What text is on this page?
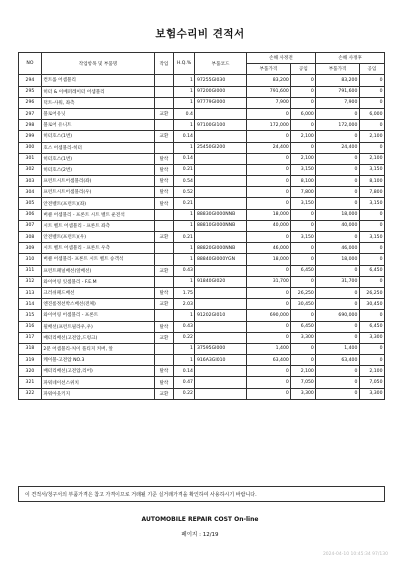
보험수리비 견적서
NO	작업항목 및 부품명	작업	H.Q.%	부품코드	손해 사정전		손해 사정후	
					부품가격	공임	부품가격	공임
294	컨트롤 어셈블리		1	97255GI030	83,200	0	83,200	0
295	히터 & 이베퍼레이터 어셈블리		1	97200GI000	791,600	0	791,600	0
296	덕트-사워, 좌측		1	97779GI000	7,900	0	7,900	0
297	블로어유닛	교환	0.4		0	6,000	0	6,000
298	블로어 유니트		1	97100GI100	172,000	0	172,000	0
299	히터호스(1번)	교환	0.14		0	2,100	0	2,100
300	호스 어셈블리-히터		1	25450GI200	24,400	0	24,400	0
301	히터호스(1번)	탈착	0.14		0	2,100	0	2,100
302	히터호스(2번)	탈착	0.21		0	3,150	0	3,150
303	프런트시트어셈블리(좌)	탈착	0.54		0	8,100	0	8,100
304	프런트시트어셈블리(우)	탈착	0.52		0	7,800	0	7,800
305	안전벨트(프런트)(좌)	탈착	0.21		0	3,150	0	3,150
306	버클 어셈블리 - 프론트 시트 벨트 운전석		1	88830GI000NNB	18,000	0	18,000	0
307	시트 벨트 어셈블리 - 프론트 좌측		1	88810GI000NNB	40,000	0	40,000	0
308	안전벨트(프런트)(우)	교환	0.21		0	3,150	0	3,150
309	시트 벨트 어셈블리 - 프론트 우측		1	88820GI000NNB	46,000	0	46,000	0
310	버클 어셈블리- 프론트 시트 벨트 승객석		1	88840GI000YGN	18,000	0	18,000	0
311	프런트패널배선(앞배선)	교환	0.43		0	6,450	0	6,450
312	와이어링 잇셈블리 - F.E.M		1	91840GI020	31,700	0	31,700	0
313	크러쉬패드배선	탈착	1.75		0	26,250	0	26,250
314	엔진룸정션박스배선(전체)	교환	2.03		0	30,450	0	30,450
315	와이어링 어셈블리 - 프론트		1	91202GI010	690,000	0	690,000	0
316	될배선(프런트필라우,우)	탈착	0.43		0	6,450	0	6,450
317	배터리배선(고전압,드렁크)	교환	0.22		0	3,300	0	3,300
318	2분 어셈블리-처이 플티지 커버, 앞		1	37595GI000	1,400	0	1,400	0
319	케이블-고전압 NO.3		1	916A3GI010	63,400	0	63,400	0
320	배터리배선(고전압,리어)	탈착	0.14		0	2,100	0	2,100
321	파워네이션스위치	탈착	0.47		0	7,050	0	7,050
322	파워아웃키지	교환	0.22		0	3,300	0	3,300
이 견적서/청구서의 부품가격은 참고 가격이므로 거래될 기준 실거래가격을 확인하여 사용하시기 바랍니다.
AUTOMOBILE REPAIR COST On-line
페이지 : 12/19
2024-04-10 10:45:34 97/130
